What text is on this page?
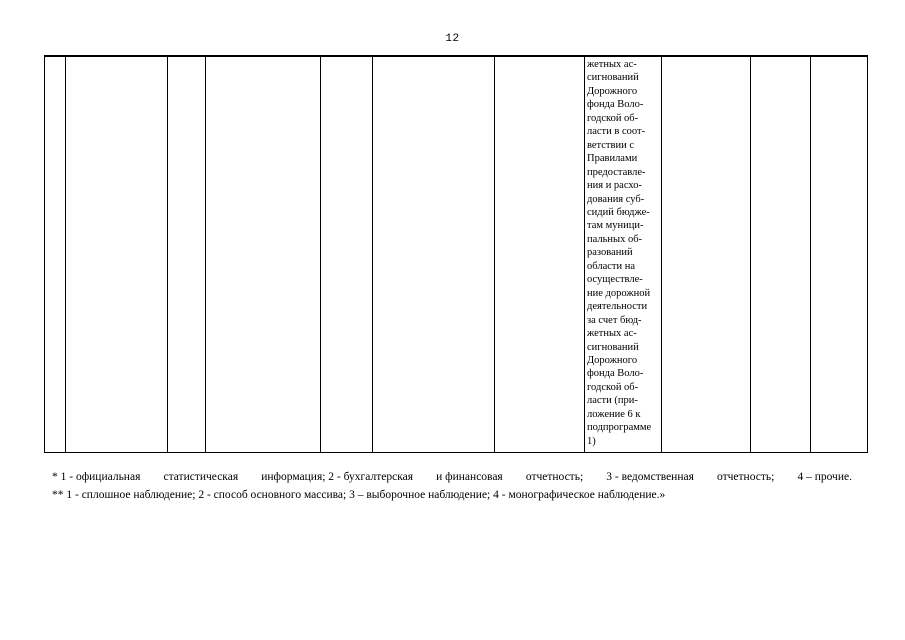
12

жетных ас-
сигнований
Дорожного
фонда Воло-
годской об-
ласти в соот-
ветствии с
Правилами
предоставле-
ния и расхо-
дования суб-
сидий бюдже-
там муници-
пальных об-
разований
области на
осуществле-
ние дорожной
деятельности
за счет бюд-
жетных ас-
сигнований
Дорожного
фонда Воло-
годской об-
ласти (при-
ложение 6 к
подпрограмме
1)

* 1 - официальная статистическая информация; 2 - бухгалтерская и финансовая отчетность; 3 - ведомственная отчетность; 4 – прочие.
** 1 - сплошное наблюдение; 2 - способ основного массива; 3 – выборочное наблюдение; 4 - монографическое наблюдение.»
